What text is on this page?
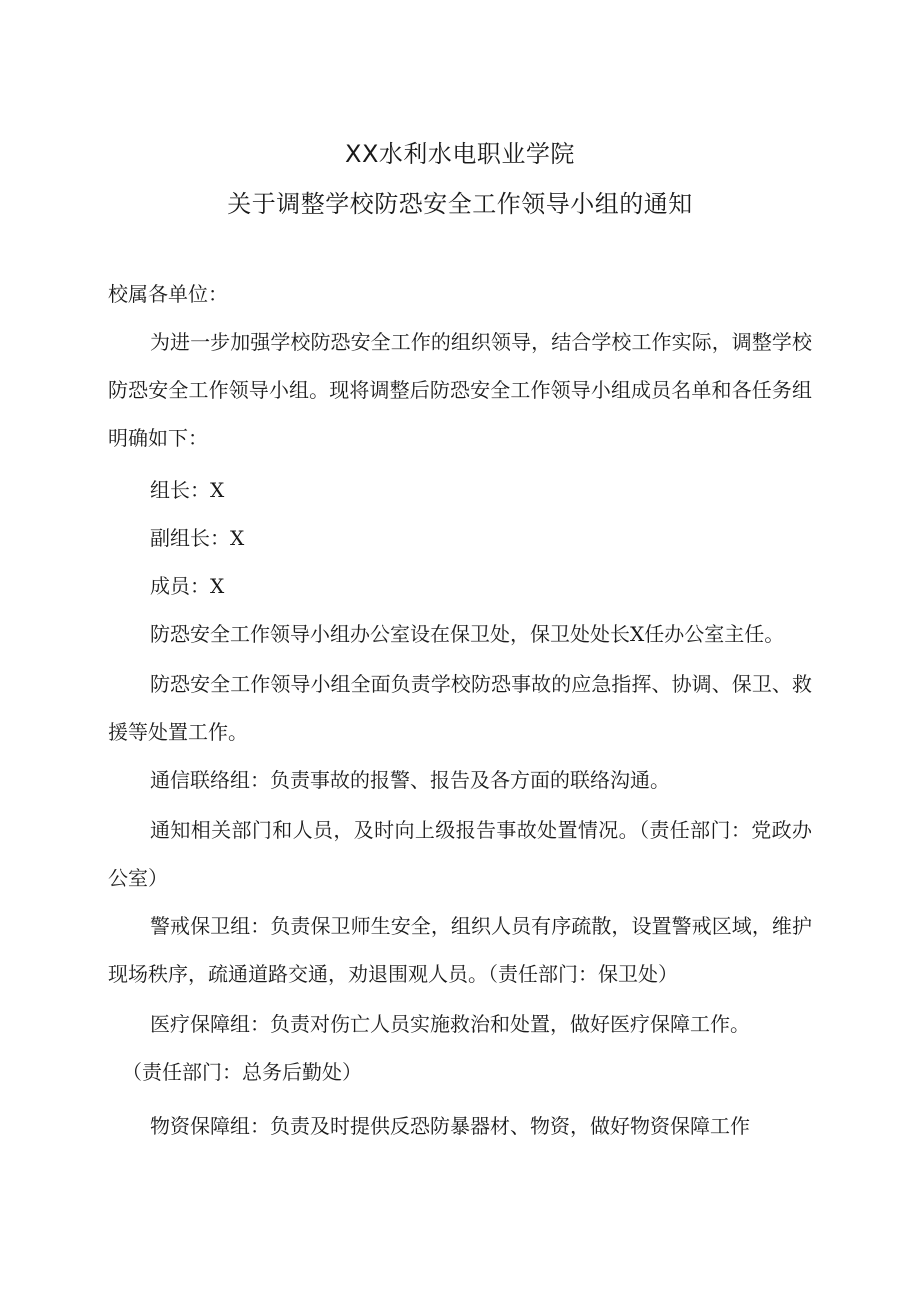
XX水利水电职业学院
关于调整学校防恐安全工作领导小组的通知
校属各单位：
为进一步加强学校防恐安全工作的组织领导，结合学校工作实际，调整学校
防恐安全工作领导小组。现将调整后防恐安全工作领导小组成员名单和各任务组
明确如下：
组长：X
副组长：X
成员：X
防恐安全工作领导小组办公室设在保卫处，保卫处处长X任办公室主任。
防恐安全工作领导小组全面负责学校防恐事故的应急指挥、协调、保卫、救
援等处置工作。
通信联络组：负责事故的报警、报告及各方面的联络沟通。
通知相关部门和人员，及时向上级报告事故处置情况。（责任部门：党政办
公室）
警戒保卫组：负责保卫师生安全，组织人员有序疏散，设置警戒区域，维护
现场秩序，疏通道路交通，劝退围观人员。（责任部门：保卫处）
医疗保障组：负责对伤亡人员实施救治和处置，做好医疗保障工作。
（责任部门：总务后勤处）
物资保障组：负责及时提供反恐防暴器材、物资，做好物资保障工作
